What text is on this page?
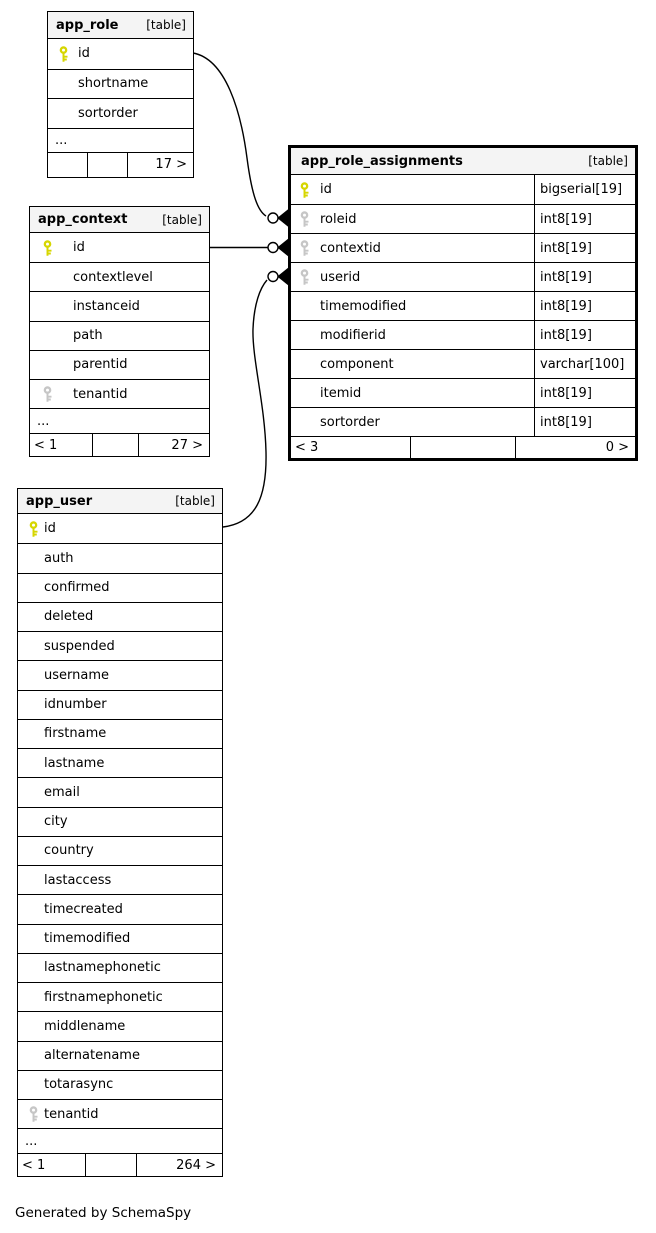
app_role [table]
id
shortname
sortorder
...
17 >
app_context	[table]
id
contextlevel
instanceid
path
parentid
tenantid
...
< 1	27 >
app_role_assignments	[table]
id	bigserial[19]
roleid	int8[19]
contextid	int8[19]
userid	int8[19]
timemodified	int8[19]
modifierid	int8[19]
component	varchar[100]
itemid	int8[19]
sortorder	int8[19]
< 3	0 >
app_user	[table]
id
auth
confirmed
deleted
suspended
username
idnumber
firstname
lastname
email
city
country
lastaccess
timecreated
timemodified
lastnamephonetic
firstnamephonetic
middlename
alternatename
totarasync
tenantid
...
< 1	264 >
Generated by SchemaSpy
